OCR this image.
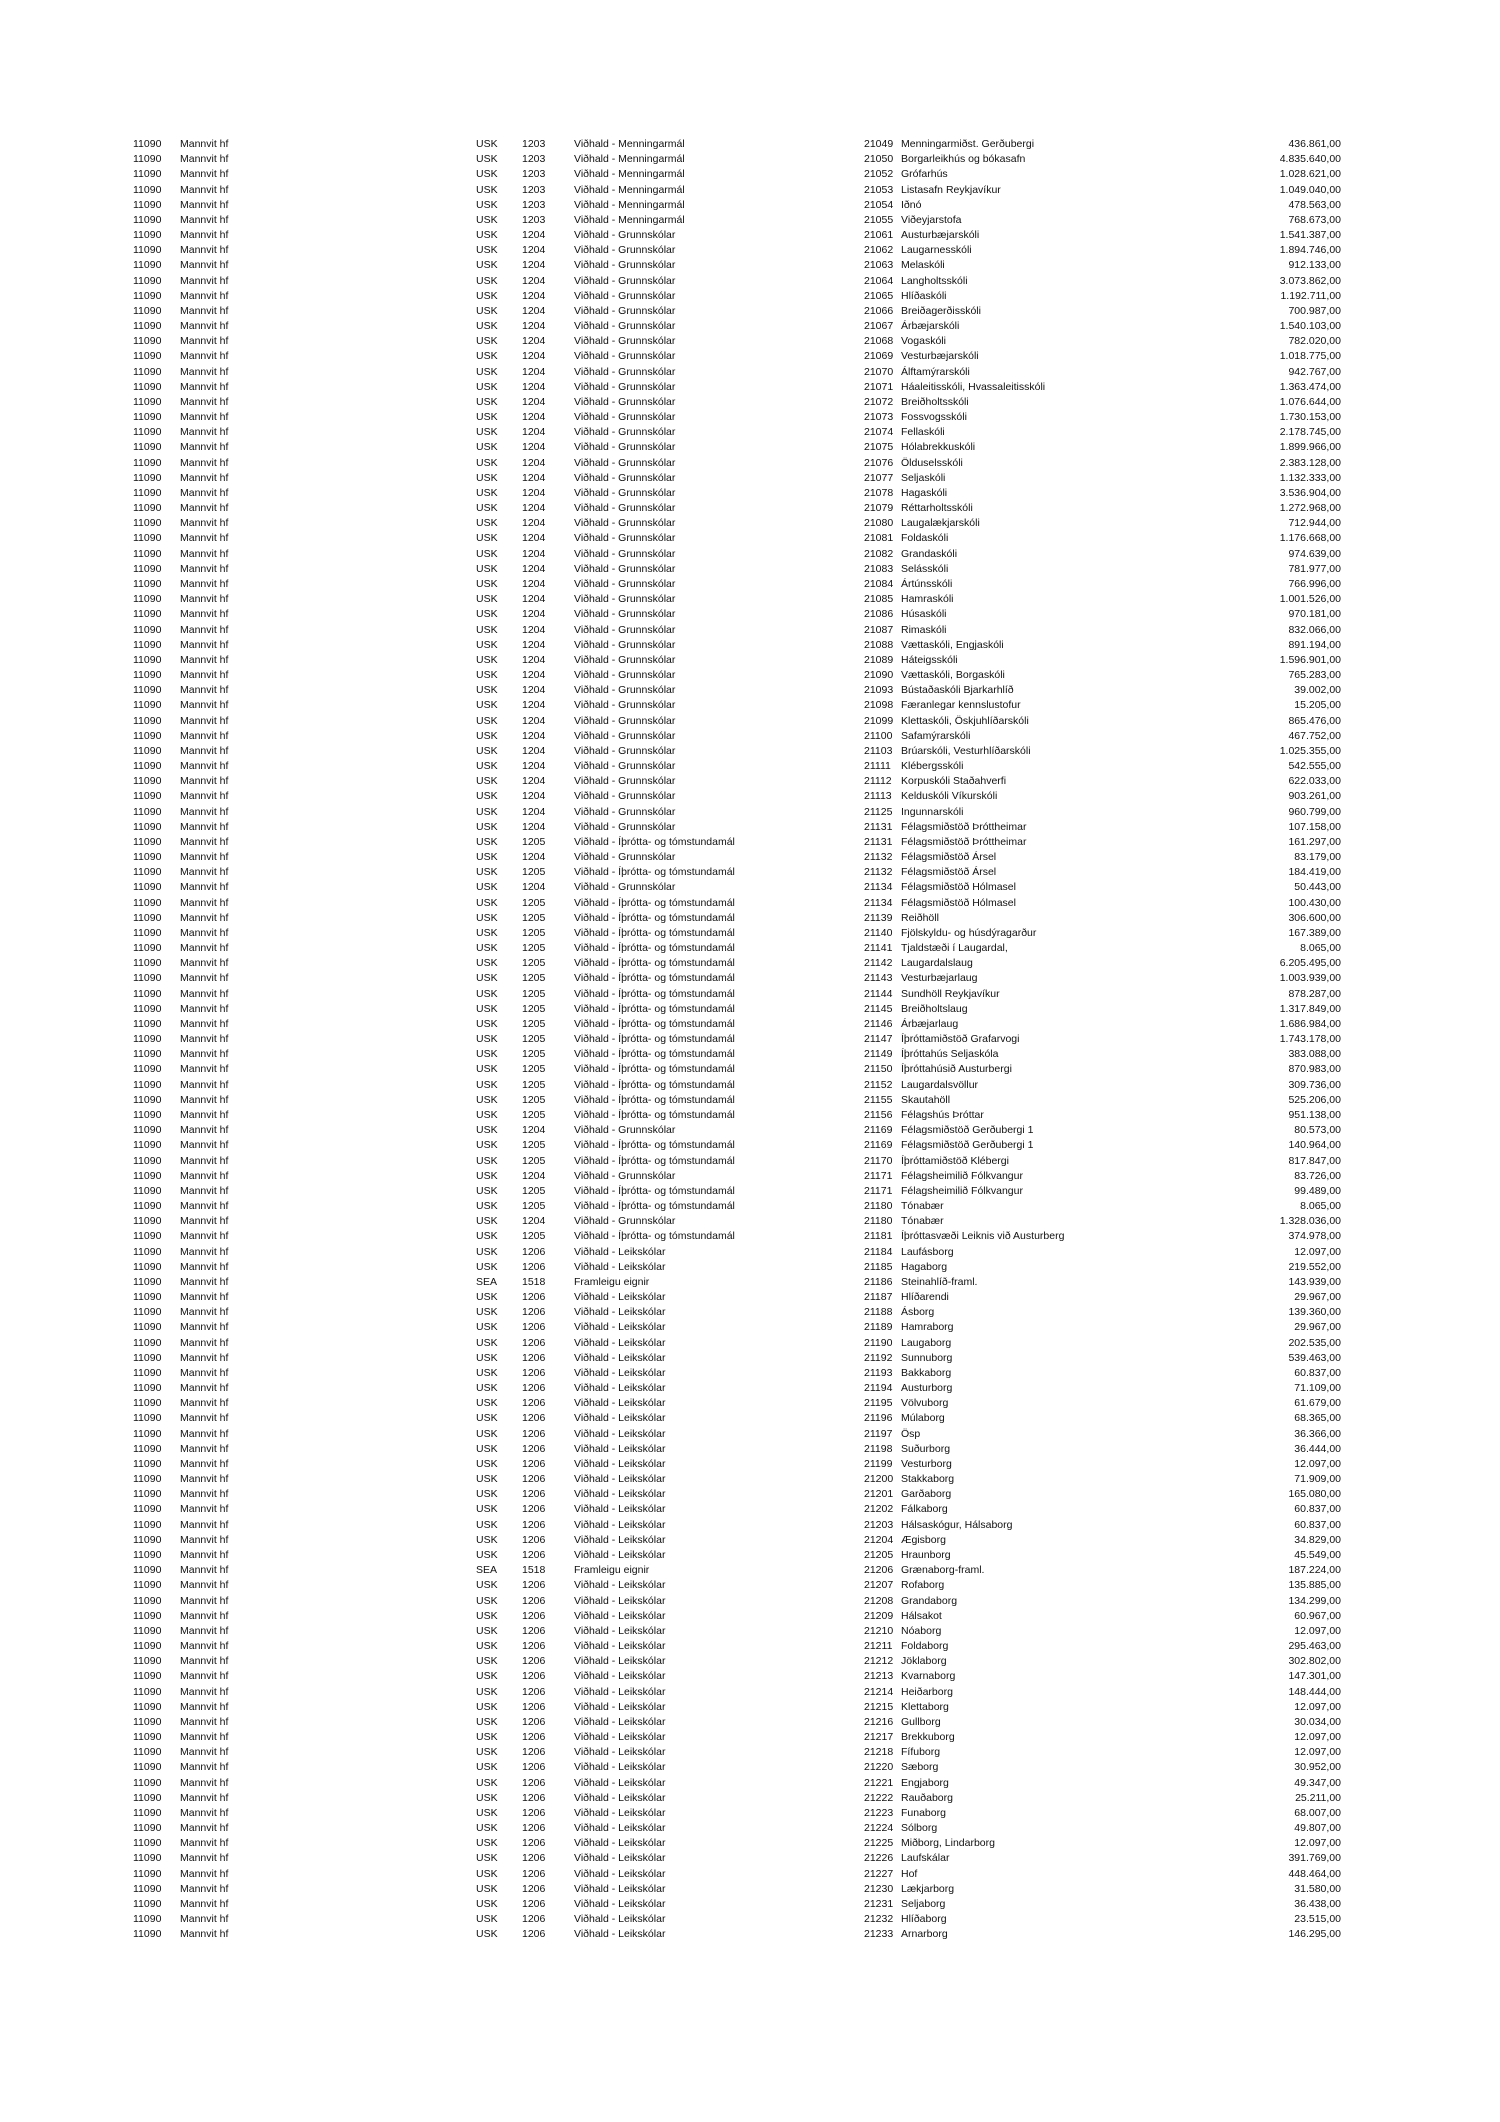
11090 Mannvit hf	USK 1203	Viðhald - Menningarmál	21049 Menningarmiðst. Gerðubergi	436.861,00
11090 Mannvit hf	USK 1203	Viðhald - Menningarmál	21050 Borgarleikhús og bókasafn	4.835.640,00
11090 Mannvit hf	USK 1203	Viðhald - Menningarmál	21052 Grófarhús	1.028.621,00
11090 Mannvit hf	USK 1203	Viðhald - Menningarmál	21053 Listasafn Reykjavíkur	1.049.040,00
11090 Mannvit hf	USK 1203	Viðhald - Menningarmál	21054 Iðnó	478.563,00
11090 Mannvit hf	USK 1203	Viðhald - Menningarmál	21055 Viðeyjarstofa	768.673,00
11090 Mannvit hf	USK 1204	Viðhald - Grunnskólar	21061 Austurbæjarskóli	1.541.387,00
11090 Mannvit hf	USK 1204	Viðhald - Grunnskólar	21062 Laugarnesskóli	1.894.746,00
11090 Mannvit hf	USK 1204	Viðhald - Grunnskólar	21063 Melaskóli	912.133,00
11090 Mannvit hf	USK 1204	Viðhald - Grunnskólar	21064 Langholtsskóli	3.073.862,00
11090 Mannvit hf	USK 1204	Viðhald - Grunnskólar	21065 Hlíðaskóli	1.192.711,00
11090 Mannvit hf	USK 1204	Viðhald - Grunnskólar	21066 Breiðagerðisskóli	700.987,00
11090 Mannvit hf	USK 1204	Viðhald - Grunnskólar	21067 Árbæjarskóli	1.540.103,00
11090 Mannvit hf	USK 1204	Viðhald - Grunnskólar	21068 Vogaskóli	782.020,00
11090 Mannvit hf	USK 1204	Viðhald - Grunnskólar	21069 Vesturbæjarskóli	1.018.775,00
11090 Mannvit hf	USK 1204	Viðhald - Grunnskólar	21070 Álftamýrarskóli	942.767,00
11090 Mannvit hf	USK 1204	Viðhald - Grunnskólar	21071 Háaleitisskóli, Hvassaleitisskóli	1.363.474,00
11090 Mannvit hf	USK 1204	Viðhald - Grunnskólar	21072 Breiðholtsskóli	1.076.644,00
11090 Mannvit hf	USK 1204	Viðhald - Grunnskólar	21073 Fossvogsskóli	1.730.153,00
11090 Mannvit hf	USK 1204	Viðhald - Grunnskólar	21074 Fellaskóli	2.178.745,00
11090 Mannvit hf	USK 1204	Viðhald - Grunnskólar	21075 Hólabrekkuskóli	1.899.966,00
11090 Mannvit hf	USK 1204	Viðhald - Grunnskólar	21076 Ölduselsskóli	2.383.128,00
11090 Mannvit hf	USK 1204	Viðhald - Grunnskólar	21077 Seljaskóli	1.132.333,00
11090 Mannvit hf	USK 1204	Viðhald - Grunnskólar	21078 Hagaskóli	3.536.904,00
11090 Mannvit hf	USK 1204	Viðhald - Grunnskólar	21079 Réttarholtsskóli	1.272.968,00
11090 Mannvit hf	USK 1204	Viðhald - Grunnskólar	21080 Laugalækjarskóli	712.944,00
11090 Mannvit hf	USK 1204	Viðhald - Grunnskólar	21081 Foldaskóli	1.176.668,00
11090 Mannvit hf	USK 1204	Viðhald - Grunnskólar	21082 Grandaskóli	974.639,00
11090 Mannvit hf	USK 1204	Viðhald - Grunnskólar	21083 Selásskóli	781.977,00
11090 Mannvit hf	USK 1204	Viðhald - Grunnskólar	21084 Ártúnsskóli	766.996,00
11090 Mannvit hf	USK 1204	Viðhald - Grunnskólar	21085 Hamraskóli	1.001.526,00
11090 Mannvit hf	USK 1204	Viðhald - Grunnskólar	21086 Húsaskóli	970.181,00
11090 Mannvit hf	USK 1204	Viðhald - Grunnskólar	21087 Rimaskóli	832.066,00
11090 Mannvit hf	USK 1204	Viðhald - Grunnskólar	21088 Vættaskóli, Engjaskóli	891.194,00
11090 Mannvit hf	USK 1204	Viðhald - Grunnskólar	21089 Háteigsskóli	1.596.901,00
11090 Mannvit hf	USK 1204	Viðhald - Grunnskólar	21090 Vættaskóli, Borgaskóli	765.283,00
11090 Mannvit hf	USK 1204	Viðhald - Grunnskólar	21093 Bústaðaskóli Bjarkarhlíð	39.002,00
11090 Mannvit hf	USK 1204	Viðhald - Grunnskólar	21098 Færanlegar kennslustofur	15.205,00
11090 Mannvit hf	USK 1204	Viðhald - Grunnskólar	21099 Klettaskóli, Öskjuhlíðarskóli	865.476,00
11090 Mannvit hf	USK 1204	Viðhald - Grunnskólar	21100 Safamýrarskóli	467.752,00
11090 Mannvit hf	USK 1204	Viðhald - Grunnskólar	21103 Brúarskóli, Vesturhlíðarskóli	1.025.355,00
11090 Mannvit hf	USK 1204	Viðhald - Grunnskólar	21111 Klébergsskóli	542.555,00
11090 Mannvit hf	USK 1204	Viðhald - Grunnskólar	21112 Korpuskóli Staðahverfi	622.033,00
11090 Mannvit hf	USK 1204	Viðhald - Grunnskólar	21113 Kelduskóli Víkurskóli	903.261,00
11090 Mannvit hf	USK 1204	Viðhald - Grunnskólar	21125 Ingunnarskóli	960.799,00
11090 Mannvit hf	USK 1204	Viðhald - Grunnskólar	21131 Félagsmiðstöð Þróttheimar	107.158,00
11090 Mannvit hf	USK 1205	Viðhald - Íþrótta- og tómstundamál	21131 Félagsmiðstöð Þróttheimar	161.297,00
11090 Mannvit hf	USK 1204	Viðhald - Grunnskólar	21132 Félagsmiðstöð Ársel	83.179,00
11090 Mannvit hf	USK 1205	Viðhald - Íþrótta- og tómstundamál	21132 Félagsmiðstöð Ársel	184.419,00
11090 Mannvit hf	USK 1204	Viðhald - Grunnskólar	21134 Félagsmiðstöð Hólmasel	50.443,00
11090 Mannvit hf	USK 1205	Viðhald - Íþrótta- og tómstundamál	21134 Félagsmiðstöð Hólmasel	100.430,00
11090 Mannvit hf	USK 1205	Viðhald - Íþrótta- og tómstundamál	21139 Reiðhöll	306.600,00
11090 Mannvit hf	USK 1205	Viðhald - Íþrótta- og tómstundamál	21140 Fjölskyldu- og húsdýragarður	167.389,00
11090 Mannvit hf	USK 1205	Viðhald - Íþrótta- og tómstundamál	21141 Tjaldstæði í Laugardal,	8.065,00
11090 Mannvit hf	USK 1205	Viðhald - Íþrótta- og tómstundamál	21142 Laugardalslaug	6.205.495,00
11090 Mannvit hf	USK 1205	Viðhald - Íþrótta- og tómstundamál	21143 Vesturbæjarlaug	1.003.939,00
11090 Mannvit hf	USK 1205	Viðhald - Íþrótta- og tómstundamál	21144 Sundhöll Reykjavíkur	878.287,00
11090 Mannvit hf	USK 1205	Viðhald - Íþrótta- og tómstundamál	21145 Breiðholtslaug	1.317.849,00
11090 Mannvit hf	USK 1205	Viðhald - Íþrótta- og tómstundamál	21146 Árbæjarlaug	1.686.984,00
11090 Mannvit hf	USK 1205	Viðhald - Íþrótta- og tómstundamál	21147 Íþróttamiðstöð Grafarvogi	1.743.178,00
11090 Mannvit hf	USK 1205	Viðhald - Íþrótta- og tómstundamál	21149 Íþróttahús Seljaskóla	383.088,00
11090 Mannvit hf	USK 1205	Viðhald - Íþrótta- og tómstundamál	21150 Íþróttahúsið Austurbergi	870.983,00
11090 Mannvit hf	USK 1205	Viðhald - Íþrótta- og tómstundamál	21152 Laugardalsvöllur	309.736,00
11090 Mannvit hf	USK 1205	Viðhald - Íþrótta- og tómstundamál	21155 Skautahöll	525.206,00
11090 Mannvit hf	USK 1205	Viðhald - Íþrótta- og tómstundamál	21156 Félagshús Þróttar	951.138,00
11090 Mannvit hf	USK 1204	Viðhald - Grunnskólar	21169 Félagsmiðstöð Gerðubergi 1	80.573,00
11090 Mannvit hf	USK 1205	Viðhald - Íþrótta- og tómstundamál	21169 Félagsmiðstöð Gerðubergi 1	140.964,00
11090 Mannvit hf	USK 1205	Viðhald - Íþrótta- og tómstundamál	21170 Íþróttamiðstöð Klébergi	817.847,00
11090 Mannvit hf	USK 1204	Viðhald - Grunnskólar	21171 Félagsheimilið Fólkvangur	83.726,00
11090 Mannvit hf	USK 1205	Viðhald - Íþrótta- og tómstundamál	21171 Félagsheimilið Fólkvangur	99.489,00
11090 Mannvit hf	USK 1205	Viðhald - Íþrótta- og tómstundamál	21180 Tónabær	8.065,00
11090 Mannvit hf	USK 1204	Viðhald - Grunnskólar	21180 Tónabær	1.328.036,00
11090 Mannvit hf	USK 1205	Viðhald - Íþrótta- og tómstundamál	21181 Íþróttasvæði Leiknis við Austurberg	374.978,00
11090 Mannvit hf	USK 1206	Viðhald - Leikskólar	21184 Laufásborg	12.097,00
11090 Mannvit hf	USK 1206	Viðhald - Leikskólar	21185 Hagaborg	219.552,00
11090 Mannvit hf	SEA 1518	Framleigu eignir	21186 Steinahlíð-framl.	143.939,00
11090 Mannvit hf	USK 1206	Viðhald - Leikskólar	21187 Hlíðarendi	29.967,00
11090 Mannvit hf	USK 1206	Viðhald - Leikskólar	21188 Ásborg	139.360,00
11090 Mannvit hf	USK 1206	Viðhald - Leikskólar	21189 Hamraborg	29.967,00
11090 Mannvit hf	USK 1206	Viðhald - Leikskólar	21190 Laugaborg	202.535,00
11090 Mannvit hf	USK 1206	Viðhald - Leikskólar	21192 Sunnuborg	539.463,00
11090 Mannvit hf	USK 1206	Viðhald - Leikskólar	21193 Bakkaborg	60.837,00
11090 Mannvit hf	USK 1206	Viðhald - Leikskólar	21194 Austurborg	71.109,00
11090 Mannvit hf	USK 1206	Viðhald - Leikskólar	21195 Völvuborg	61.679,00
11090 Mannvit hf	USK 1206	Viðhald - Leikskólar	21196 Múlaborg	68.365,00
11090 Mannvit hf	USK 1206	Viðhald - Leikskólar	21197 Ösp	36.366,00
11090 Mannvit hf	USK 1206	Viðhald - Leikskólar	21198 Suðurborg	36.444,00
11090 Mannvit hf	USK 1206	Viðhald - Leikskólar	21199 Vesturborg	12.097,00
11090 Mannvit hf	USK 1206	Viðhald - Leikskólar	21200 Stakkaborg	71.909,00
11090 Mannvit hf	USK 1206	Viðhald - Leikskólar	21201 Garðaborg	165.080,00
11090 Mannvit hf	USK 1206	Viðhald - Leikskólar	21202 Fálkaborg	60.837,00
11090 Mannvit hf	USK 1206	Viðhald - Leikskólar	21203 Hálsaskógur, Hálsaborg	60.837,00
11090 Mannvit hf	USK 1206	Viðhald - Leikskólar	21204 Ægisborg	34.829,00
11090 Mannvit hf	USK 1206	Viðhald - Leikskólar	21205 Hraunborg	45.549,00
11090 Mannvit hf	SEA 1518	Framleigu eignir	21206 Grænaborg-framl.	187.224,00
11090 Mannvit hf	USK 1206	Viðhald - Leikskólar	21207 Rofaborg	135.885,00
11090 Mannvit hf	USK 1206	Viðhald - Leikskólar	21208 Grandaborg	134.299,00
11090 Mannvit hf	USK 1206	Viðhald - Leikskólar	21209 Hálsakot	60.967,00
11090 Mannvit hf	USK 1206	Viðhald - Leikskólar	21210 Nóaborg	12.097,00
11090 Mannvit hf	USK 1206	Viðhald - Leikskólar	21211 Foldaborg	295.463,00
11090 Mannvit hf	USK 1206	Viðhald - Leikskólar	21212 Jöklaborg	302.802,00
11090 Mannvit hf	USK 1206	Viðhald - Leikskólar	21213 Kvarnaborg	147.301,00
11090 Mannvit hf	USK 1206	Viðhald - Leikskólar	21214 Heiðarborg	148.444,00
11090 Mannvit hf	USK 1206	Viðhald - Leikskólar	21215 Klettaborg	12.097,00
11090 Mannvit hf	USK 1206	Viðhald - Leikskólar	21216 Gullborg	30.034,00
11090 Mannvit hf	USK 1206	Viðhald - Leikskólar	21217 Brekkuborg	12.097,00
11090 Mannvit hf	USK 1206	Viðhald - Leikskólar	21218 Fífuborg	12.097,00
11090 Mannvit hf	USK 1206	Viðhald - Leikskólar	21220 Sæborg	30.952,00
11090 Mannvit hf	USK 1206	Viðhald - Leikskólar	21221 Engjaborg	49.347,00
11090 Mannvit hf	USK 1206	Viðhald - Leikskólar	21222 Rauðaborg	25.211,00
11090 Mannvit hf	USK 1206	Viðhald - Leikskólar	21223 Funaborg	68.007,00
11090 Mannvit hf	USK 1206	Viðhald - Leikskólar	21224 Sólborg	49.807,00
11090 Mannvit hf	USK 1206	Viðhald - Leikskólar	21225 Miðborg, Lindarborg	12.097,00
11090 Mannvit hf	USK 1206	Viðhald - Leikskólar	21226 Laufskálar	391.769,00
11090 Mannvit hf	USK 1206	Viðhald - Leikskólar	21227 Hof	448.464,00
11090 Mannvit hf	USK 1206	Viðhald - Leikskólar	21230 Lækjarborg	31.580,00
11090 Mannvit hf	USK 1206	Viðhald - Leikskólar	21231 Seljaborg	36.438,00
11090 Mannvit hf	USK 1206	Viðhald - Leikskólar	21232 Hlíðaborg	23.515,00
11090 Mannvit hf	USK 1206	Viðhald - Leikskólar	21233 Arnarborg	146.295,00
